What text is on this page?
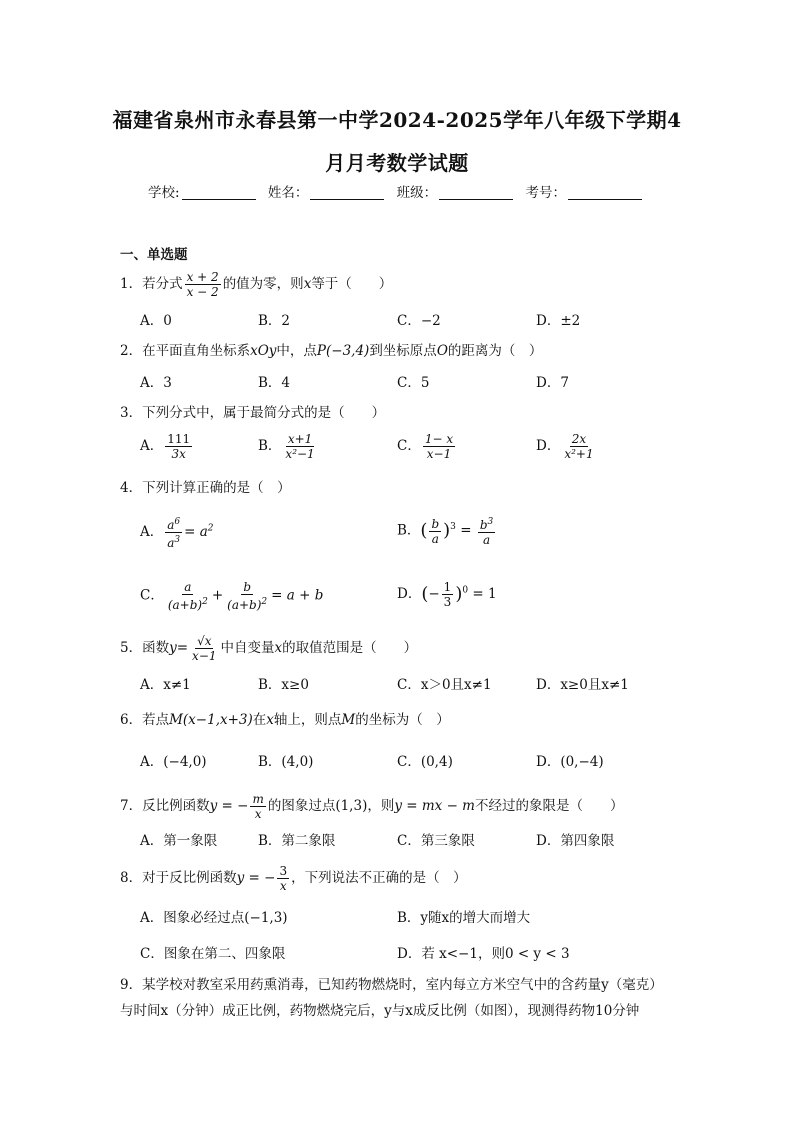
福建省泉州市永春县第一中学2024-2025学年八年级下学期4
月月考数学试题
学校:	姓名：	班级：	考号：
一、单选题
1．若分式 $\frac{x + 2}{x - 2}$ 的值为零，则x等于（　　）
A．0	B．2	C．−2	D．±2
2．在平面直角坐标系xOy中，点P(−3,4)到坐标原点O的距离为（　）
A．3	B．4	C．5	D．7
3．下列分式中，属于最简分式的是（　　）
A． $\frac{111}{3x}$	B． $\frac{x+1}{\text{x²−1}}$	C． $\frac{1- x}{x-1}$	D． $\frac{2x}{\text{x²+1}}$
4．下列计算正确的是（　）
A． $\frac{a^6}{a^3} = a^2$	B．( $\frac{b}{a} )^3 = \frac{b^3}{a}$
C． $\frac{a}{(a+b)^2} + \frac{b}{(a+b)^2} = a + b$	D．(− $\frac{1}{3} )^0 = 1$
5．函数$y= \frac{√x}{x-1}$ 中自变量x的取值范围是（　　）
A．x≠1	B．x≥0	C．x＞0且x≠1	D．x≥0且x≠1
6．若点M(x−1,x+3)在x轴上，则点M的坐标为（　）
A．(−4,0)	B．(4,0)	C．(0,4)	D．(0,−4)
7．反比例函数y = − $\frac{m}{x}$ 的图象过点(1,3)，则y = mx − m不经过的象限是（　　）
A．第一象限	B．第二象限	C．第三象限	D．第四象限
8．对于反比例函数y = − $\frac{3}{x}$ ，下列说法不正确的是（　）
A．图象必经过点(−1,3)	B．y随x的增大而增大
C．图象在第二、四象限	D．若 x<−1，则0 < y < 3
9．某学校对教室采用药熏消毒，已知药物燃烧时，室内每立方米空气中的含药量y（毫克）
与时间x（分钟）成正比例，药物燃烧完后，y与x成反比例（如图），现测得药物10分钟
